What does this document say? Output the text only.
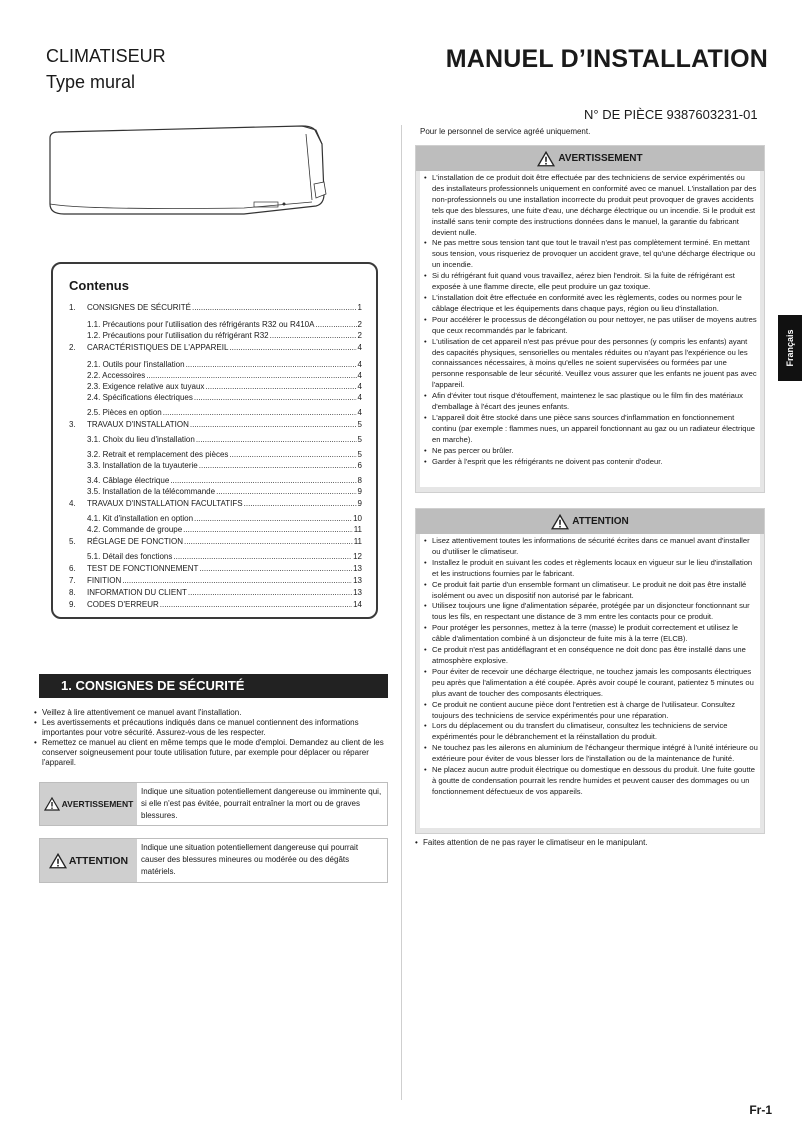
CLIMATISEUR
Type mural
MANUEL D’INSTALLATION
N° DE PIÈCE 9387603231-01
Pour le personnel de service agréé uniquement.
Contenus
1.	CONSIGNES DE SÉCURITÉ .....	1
1.1. Précautions pour l'utilisation des réfrigérants R32 ou R410A .....	2
1.2. Précautions pour l'utilisation du réfrigérant R32 .....	2
2.	CARACTÉRISTIQUES DE L'APPAREIL .....	4
2.1. Outils pour l'installation .....	4
2.2. Accessoires .....	4
2.3. Exigence relative aux tuyaux .....	4
2.4. Spécifications électriques .....	4
2.5. Pièces en option .....	4
3.	TRAVAUX D'INSTALLATION .....	5
3.1. Choix du lieu d'installation .....	5
3.2. Retrait et remplacement des pièces .....	5
3.3. Installation de la tuyauterie .....	6
3.4. Câblage électrique .....	8
3.5. Installation de la télécommande .....	9
4.	TRAVAUX D'INSTALLATION FACULTATIFS .....	9
4.1. Kit d'installation en option .....	10
4.2. Commande de groupe .....	11
5.	RÉGLAGE DE FONCTION .....	11
5.1. Détail des fonctions .....	12
6.	TEST DE FONCTIONNEMENT .....	13
7.	FINITION .....	13
8.	INFORMATION DU CLIENT .....	13
9.	CODES D'ERREUR .....	14
1. CONSIGNES DE SÉCURITÉ
• Veillez à lire attentivement ce manuel avant l'installation.
• Les avertissements et précautions indiqués dans ce manuel contiennent des informations importantes pour votre sécurité. Assurez-vous de les respecter.
• Remettez ce manuel au client en même temps que le mode d'emploi. Demandez au client de les conserver soigneusement pour toute utilisation future, par exemple pour déplacer ou réparer l'appareil.
AVERTISSEMENT
Indique une situation potentiellement dangereuse ou imminente qui, si elle n'est pas évitée, pourrait entraîner la mort ou de graves blessures.
ATTENTION
Indique une situation potentiellement dangereuse qui pourrait causer des blessures mineures ou modérée ou des dégâts matériels.
AVERTISSEMENT
• L'installation de ce produit doit être effectuée par des techniciens de service expérimentés ou des installateurs professionnels uniquement en conformité avec ce manuel. L'installation par des non-professionnels ou une installation incorrecte du produit peut provoquer de graves accidents tels que des blessures, une fuite d'eau, une décharge électrique ou un incendie. Si le produit est installé sans tenir compte des instructions données dans le manuel, la garantie du fabricant devient nulle.
• Ne pas mettre sous tension tant que tout le travail n'est pas complètement terminé. En mettant sous tension, vous risqueriez de provoquer un accident grave, tel qu'une décharge électrique ou un incendie.
• Si du réfrigérant fuit quand vous travaillez, aérez bien l'endroit. Si la fuite de réfrigérant est exposée à une flamme directe, elle peut produire un gaz toxique.
• L'installation doit être effectuée en conformité avec les règlements, codes ou normes pour le câblage électrique et les équipements dans chaque pays, région ou lieu d'installation.
• Pour accélérer le processus de décongélation ou pour nettoyer, ne pas utiliser de moyens autres que ceux recommandés par le fabricant.
• L'utilisation de cet appareil n'est pas prévue pour des personnes (y compris les enfants) ayant des capacités physiques, sensorielles ou mentales réduites ou n'ayant pas l'expérience ou les connaissances nécessaires, à moins qu'elles ne soient supervisées ou formées par une personne responsable de leur sécurité. Veuillez vous assurer que les enfants ne jouent pas avec l'appareil.
• Afin d'éviter tout risque d'étouffement, maintenez le sac plastique ou le film fin des matériaux d'emballage à l'écart des jeunes enfants.
• L'appareil doit être stocké dans une pièce sans sources d'inflammation en fonctionnement continu (par exemple : flammes nues, un appareil fonctionnant au gaz ou un radiateur électrique en marche).
• Ne pas percer ou brûler.
• Garder à l'esprit que les réfrigérants ne doivent pas contenir d'odeur.
ATTENTION
• Lisez attentivement toutes les informations de sécurité écrites dans ce manuel avant d'installer ou d'utiliser le climatiseur.
• Installez le produit en suivant les codes et règlements locaux en vigueur sur le lieu d'installation et les instructions fournies par le fabricant.
• Ce produit fait partie d'un ensemble formant un climatiseur. Le produit ne doit pas être installé isolément ou avec un dispositif non autorisé par le fabricant.
• Utilisez toujours une ligne d'alimentation séparée, protégée par un disjoncteur fonctionnant sur tous les fils, en respectant une distance de 3 mm entre les contacts pour ce produit.
• Pour protéger les personnes, mettez à la terre (masse) le produit correctement et utilisez le câble d'alimentation combiné à un disjoncteur de fuite mis à la terre (ELCB).
• Ce produit n'est pas antidéflagrant et en conséquence ne doit donc pas être installé dans une atmosphère explosive.
• Pour éviter de recevoir une décharge électrique, ne touchez jamais les composants électriques peu après que l'alimentation a été coupée. Après avoir coupé le courant, patientez 5 minutes ou plus avant de toucher des composants électriques.
• Ce produit ne contient aucune pièce dont l'entretien est à charge de l'utilisateur. Consultez toujours des techniciens de service expérimentés pour une réparation.
• Lors du déplacement ou du transfert du climatiseur, consultez les techniciens de service expérimentés pour le débranchement et la réinstallation du produit.
• Ne touchez pas les ailerons en aluminium de l'échangeur thermique intégré à l'unité intérieure ou extérieure pour éviter de vous blesser lors de l'installation ou de la maintenance de l'unité.
• Ne placez aucun autre produit électrique ou domestique en dessous du produit. Une fuite goutte à goutte de condensation pourrait les rendre humides et peuvent causer des dommages ou un fonctionnement défectueux de vos appareils.
• Faites attention de ne pas rayer le climatiseur en le manipulant.
Français
Fr-1
